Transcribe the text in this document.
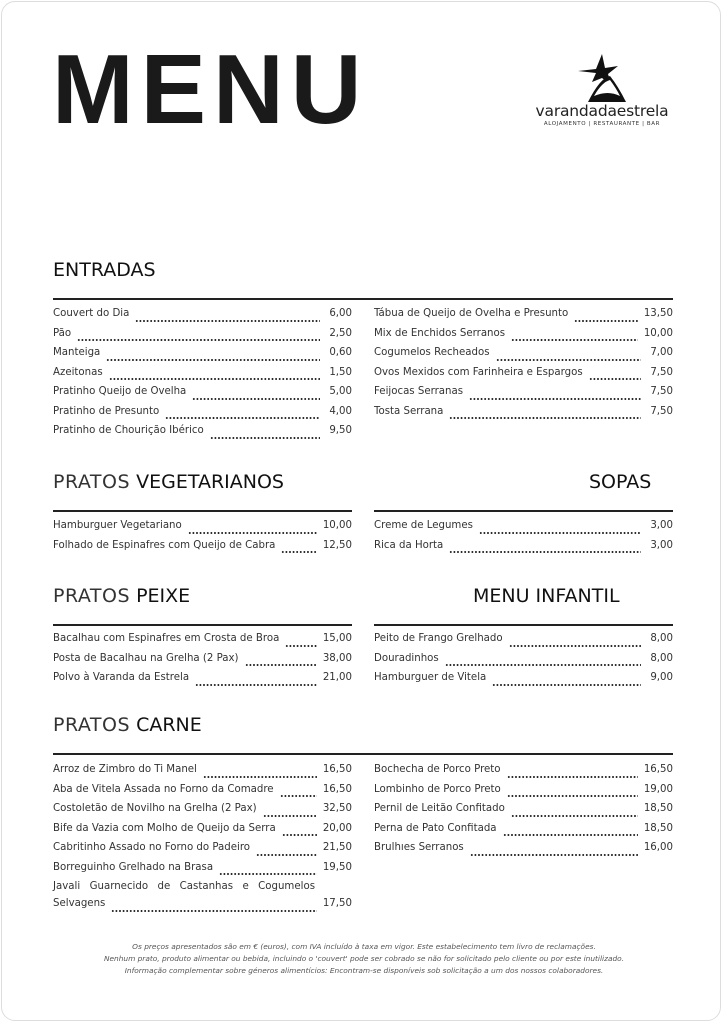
MENU	varandadaestrela
ALOJAMENTO | RESTAURANTE | BAR
ENTRADAS
Couvert do Dia	6,00
Pão	2,50
Manteiga	0,60
Azeitonas	1,50
Pratinho Queijo de Ovelha	5,00
Pratinho de Presunto	4,00
Pratinho de Chourição Ibérico	9,50
Tábua de Queijo de Ovelha e Presunto	13,50
Mix de Enchidos Serranos	10,00
Cogumelos Recheados	7,00
Ovos Mexidos com Farinheira e Espargos	7,50
Feijocas Serranas	7,50
Tosta Serrana	7,50
PRATOS VEGETARIANOS
Hamburguer Vegetariano	10,00
Folhado de Espinafres com Queijo de Cabra	12,50
SOPAS
Creme de Legumes	3,00
Rica da Horta	3,00
PRATOS PEIXE
Bacalhau com Espinafres em Crosta de Broa	15,00
Posta de Bacalhau na Grelha (2 Pax)	38,00
Polvo à Varanda da Estrela	21,00
MENU INFANTIL
Peito de Frango Grelhado	8,00
Douradinhos	8,00
Hamburguer de Vitela	9,00
PRATOS CARNE
Arroz de Zimbro do Ti Manel	16,50
Aba de Vitela Assada no Forno da Comadre	16,50
Costoletão de Novilho na Grelha (2 Pax)	32,50
Bife da Vazia com Molho de Queijo da Serra	20,00
Cabritinho Assado no Forno do Padeiro	21,50
Borreguinho Grelhado na Brasa	19,50
Javali Guarnecido de Castanhas e Cogumelos
Selvagens	17,50
Bochecha de Porco Preto	16,50
Lombinho de Porco Preto	19,00
Pernil de Leitão Confitado	18,50
Perna de Pato Confitada	18,50
Brulhıes Serranos	16,00
Os preços apresentados são em € (euros), com IVA incluído à taxa em vigor. Este estabelecimento tem livro de reclamações.
Nenhum prato, produto alimentar ou bebida, incluindo o 'couvert' pode ser cobrado se não for solicitado pelo cliente ou por este inutilizado.
Informação complementar sobre géneros alimentícios: Encontram-se disponíveis sob solicitação a um dos nossos colaboradores.
